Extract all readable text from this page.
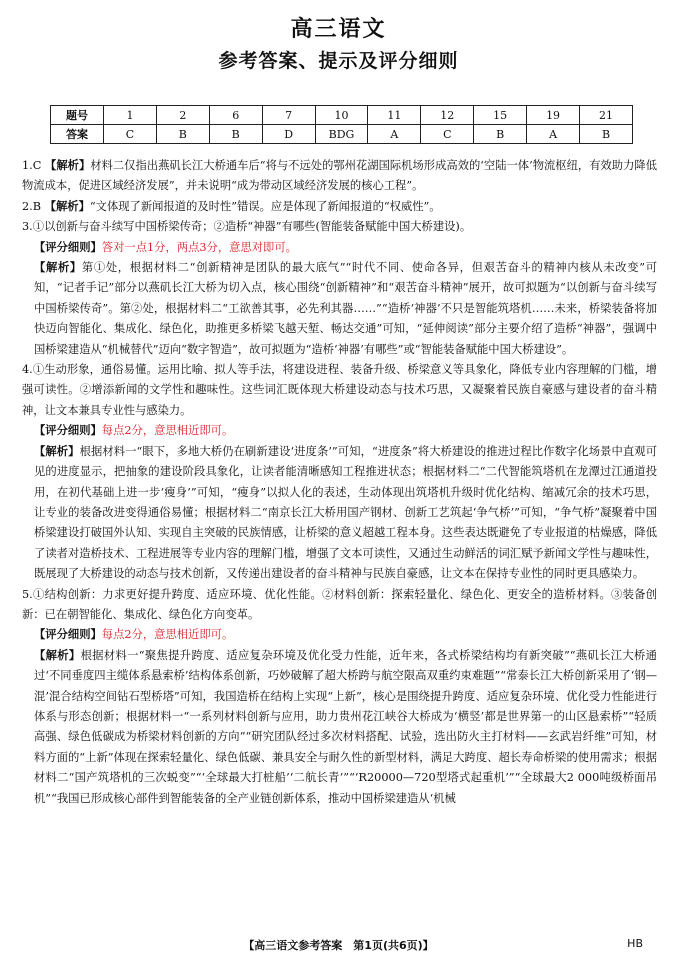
高三语文
参考答案、提示及评分细则
题号	1	2	6	7	10	11	12	15	19	21
答案	C	B	B	D	BDG	A	C	B	A	B

1.C 【解析】材料二仅指出燕矶长江大桥通车后“将与不远处的鄂州花湖国际机场形成高效的‘空陆一体’物流枢纽，有效助力降低物流成本，促进区域经济发展”，并未说明“成为带动区域经济发展的核心工程”。

2.B 【解析】“文体现了新闻报道的及时性”错误。应是体现了新闻报道的“权威性”。

3.①以创新与奋斗续写中国桥梁传奇；②造桥“神器”有哪些(智能装备赋能中国大桥建设)。

【评分细则】答对一点1分，两点3分，意思对即可。

【解析】第①处，根据材料二“创新精神是团队的最大底气”“时代不同、使命各异，但艰苦奋斗的精神内核从未改变”可知，“记者手记”部分以燕矶长江大桥为切入点，核心围绕“创新精神”和“艰苦奋斗精神”展开，故可拟题为“以创新与奋斗续写中国桥梁传奇”。第②处，根据材料二“工欲善其事，必先利其器……”“造桥‘神器’不只是智能筑塔机……未来，桥梁装备将加快迈向智能化、集成化、绿色化，助推更多桥梁飞越天堑、畅达交通”可知，“延伸阅读”部分主要介绍了造桥“神器”，强调中国桥梁建造从“机械替代”迈向“数字智造”，故可拟题为“造桥‘神器’有哪些”或“智能装备赋能中国大桥建设”。

4.①生动形象，通俗易懂。运用比喻、拟人等手法，将建设进程、装备升级、桥梁意义等具象化，降低专业内容理解的门槛，增强可读性。②增添新闻的文学性和趣味性。这些词汇既体现大桥建设动态与技术巧思，又凝聚着民族自豪感与建设者的奋斗精神，让文本兼具专业性与感染力。

【评分细则】每点2分，意思相近即可。

【解析】根据材料一“眼下，多地大桥仍在刷新建设‘进度条’”可知，“进度条”将大桥建设的推进过程比作数字化场景中直观可见的进度显示，把抽象的建设阶段具象化，让读者能清晰感知工程推进状态；根据材料二“二代智能筑塔机在龙潭过江通道投用，在初代基础上进一步‘瘦身’”可知，“瘦身”以拟人化的表述，生动体现出筑塔机升级时优化结构、缩减冗余的技术巧思，让专业的装备改进变得通俗易懂；根据材料二“南京长江大桥用国产钢材、创新工艺筑起‘争气桥’”可知，“争气桥”凝聚着中国桥梁建设打破国外认知、实现自主突破的民族情感，让桥梁的意义超越工程本身。这些表达既避免了专业报道的枯燥感，降低了读者对造桥技术、工程进展等专业内容的理解门槛，增强了文本可读性，又通过生动鲜活的词汇赋予新闻文学性与趣味性，既展现了大桥建设的动态与技术创新，又传递出建设者的奋斗精神与民族自豪感，让文本在保持专业性的同时更具感染力。

5.①结构创新：力求更好提升跨度、适应环境、优化性能。②材料创新：探索轻量化、绿色化、更安全的造桥材料。③装备创新：已在朝智能化、集成化、绿色化方向变革。

【评分细则】每点2分，意思相近即可。

【解析】根据材料一“聚焦提升跨度、适应复杂环境及优化受力性能，近年来，各式桥梁结构均有新突破”“燕矶长江大桥通过‘不同垂度四主缆体系悬索桥’结构体系创新，巧妙破解了超大桥跨与航空限高双重约束难题”“常泰长江大桥创新采用了‘钢—混’混合结构空间钻石型桥塔”可知，我国造桥在结构上实现“上新”，核心是围绕提升跨度、适应复杂环境、优化受力性能进行体系与形态创新；根据材料一“一系列材料创新与应用，助力贵州花江峡谷大桥成为‘横竖’都是世界第一的山区悬索桥”“轻质高强、绿色低碳成为桥梁材料创新的方向”“研究团队经过多次材料搭配、试验，选出防火主打材料——玄武岩纤维”可知，材料方面的“上新”体现在探索轻量化、绿色低碳、兼具安全与耐久性的新型材料，满足大跨度、超长寿命桥梁的使用需求；根据材料二“国产筑塔机的三次蜕变”“‘全球最大打桩船’‘二航长青’”“‘R20000—720型塔式起重机’”“全球最大2 000吨级桥面吊机”“我国已形成核心部件到智能装备的全产业链创新体系，推动中国桥梁建造从‘机械

【高三语文参考答案　第1页(共6页)】	HB
